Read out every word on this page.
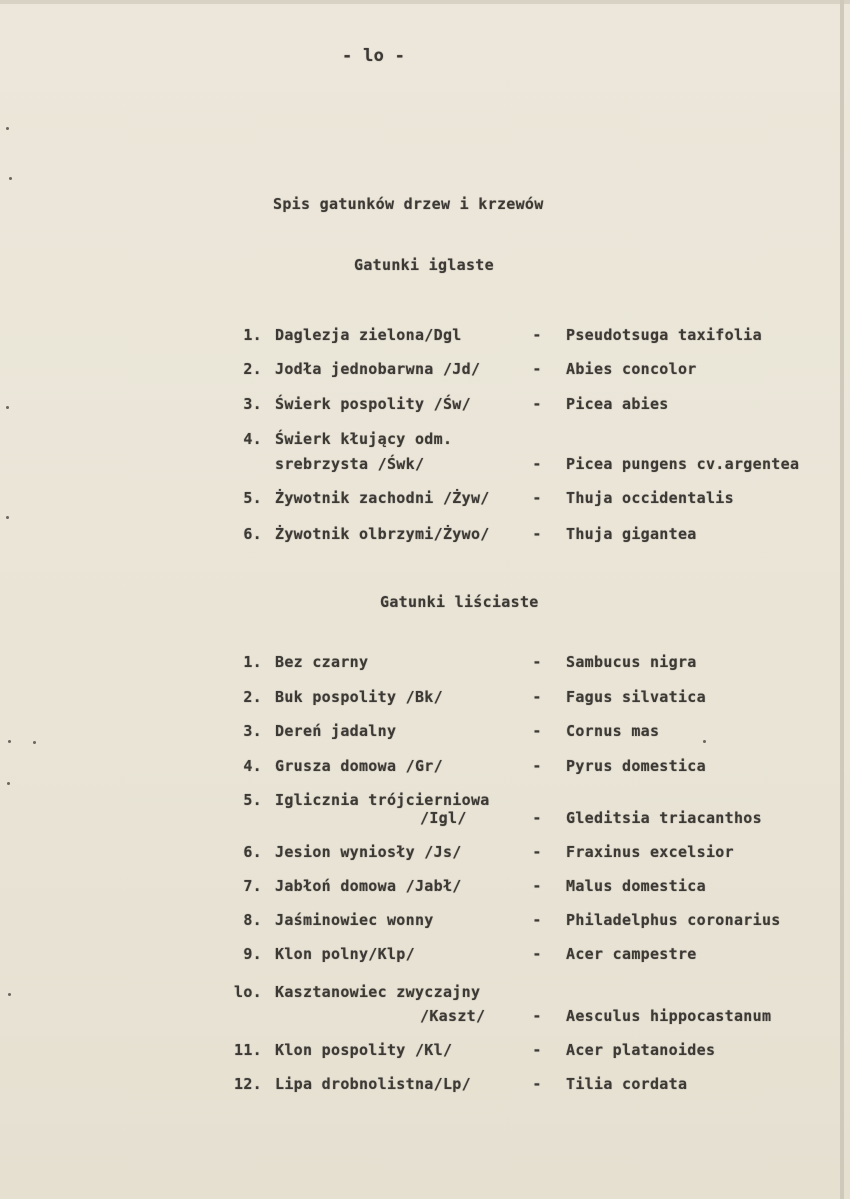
- lo -
Spis gatunków drzew i krzewów
Gatunki iglaste
Gatunki liściaste
1. Daglezja zielona/Dgl	- Pseudotsuga taxifolia
2. Jodła jednobarwna /Jd/	- Abies concolor
3. Świerk pospolity /Św/	- Picea abies
4. Świerk kłujący odm.
srebrzysta /Śwk/	- Picea pungens cv.argentea
5. Żywotnik zachodni /Żyw/	- Thuja occidentalis
6. Żywotnik olbrzymi/Żywo/	- Thuja gigantea
1. Bez czarny	- Sambucus nigra
2. Buk pospolity /Bk/	- Fagus silvatica
3. Dereń jadalny	- Cornus mas
4. Grusza domowa /Gr/	- Pyrus domestica
5. Iglicznia trójcierniowa
/Igl/	- Gleditsia triacanthos
6. Jesion wyniosły /Js/	- Fraxinus excelsior
7. Jabłoń domowa /Jabł/	- Malus domestica
8. Jaśminowiec wonny	- Philadelphus coronarius
9. Klon polny/Klp/	- Acer campestre
lo. Kasztanowiec zwyczajny
/Kaszt/	- Aesculus hippocastanum
11. Klon pospolity /Kl/	- Acer platanoides
12. Lipa drobnolistna/Lp/	- Tilia cordata
